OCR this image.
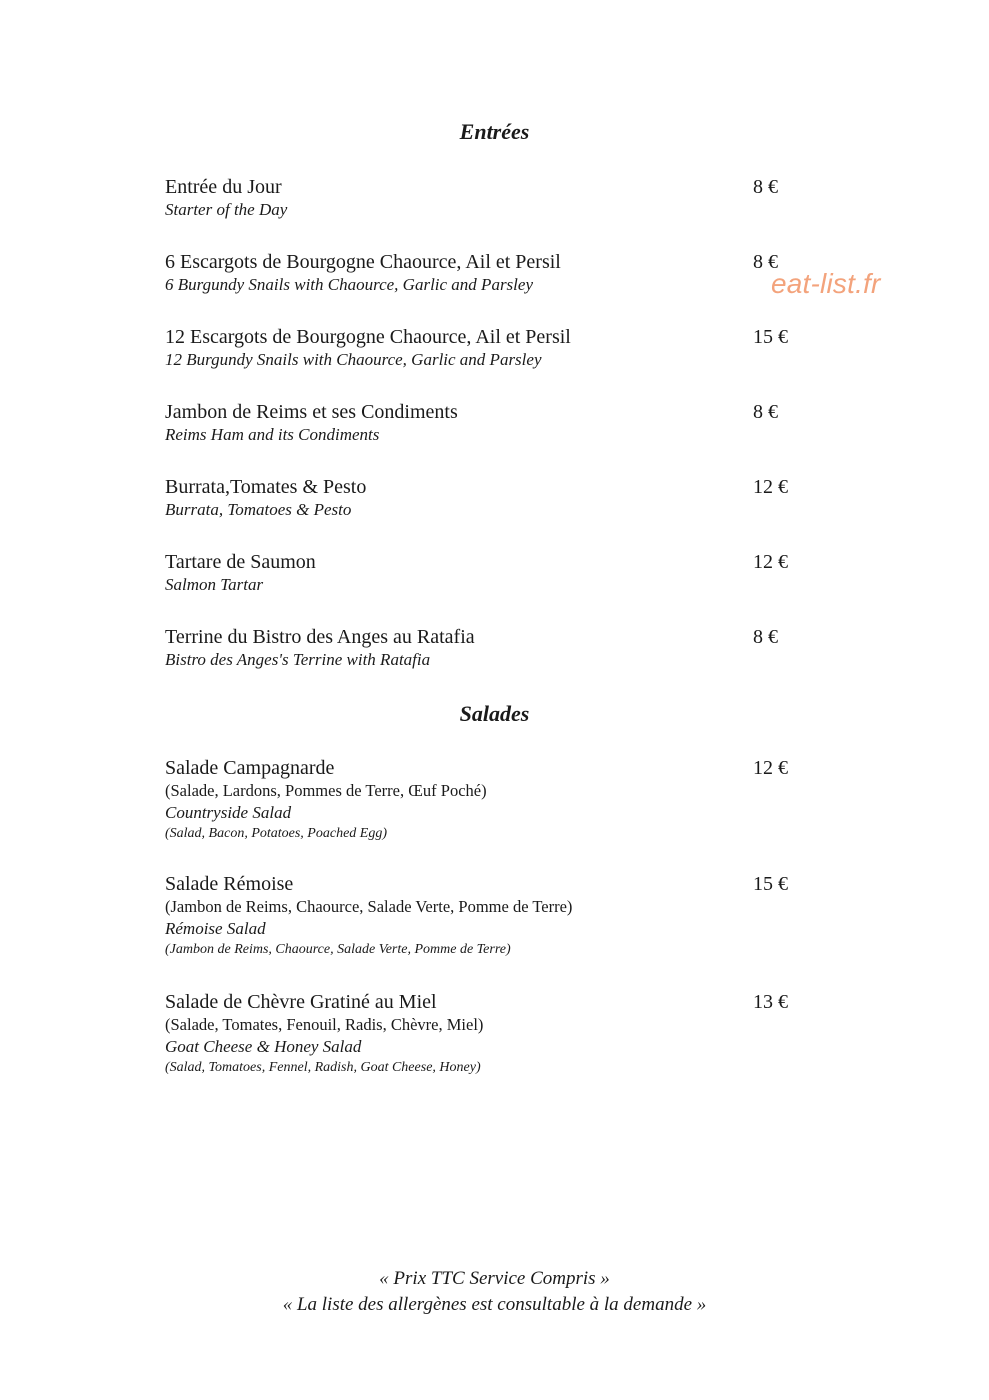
eat-list.fr
Entrées
Entrée du Jour	8 €
Starter of the Day
6 Escargots de Bourgogne Chaource, Ail et Persil	8 €
6 Burgundy Snails with Chaource, Garlic and Parsley
12 Escargots de Bourgogne Chaource, Ail et Persil	15 €
12 Burgundy Snails with Chaource, Garlic and Parsley
Jambon de Reims et ses Condiments	8 €
Reims Ham and its Condiments
Burrata,Tomates & Pesto	12 €
Burrata, Tomatoes & Pesto
Tartare de Saumon	12 €
Salmon Tartar
Terrine du Bistro des Anges au Ratafia	8 €
Bistro des Anges's Terrine with Ratafia
Salades
Salade Campagnarde	12 €
(Salade, Lardons, Pommes de Terre, Œuf Poché)
Countryside Salad
(Salad, Bacon, Potatoes, Poached Egg)
Salade Rémoise	15 €
(Jambon de Reims, Chaource, Salade Verte, Pomme de Terre)
Rémoise Salad
(Jambon de Reims, Chaource, Salade Verte, Pomme de Terre)
Salade de Chèvre Gratiné au Miel	13 €
(Salade, Tomates, Fenouil, Radis, Chèvre, Miel)
Goat Cheese & Honey Salad
(Salad, Tomatoes, Fennel, Radish, Goat Cheese, Honey)
« Prix TTC Service Compris »
« La liste des allergènes est consultable à la demande »
